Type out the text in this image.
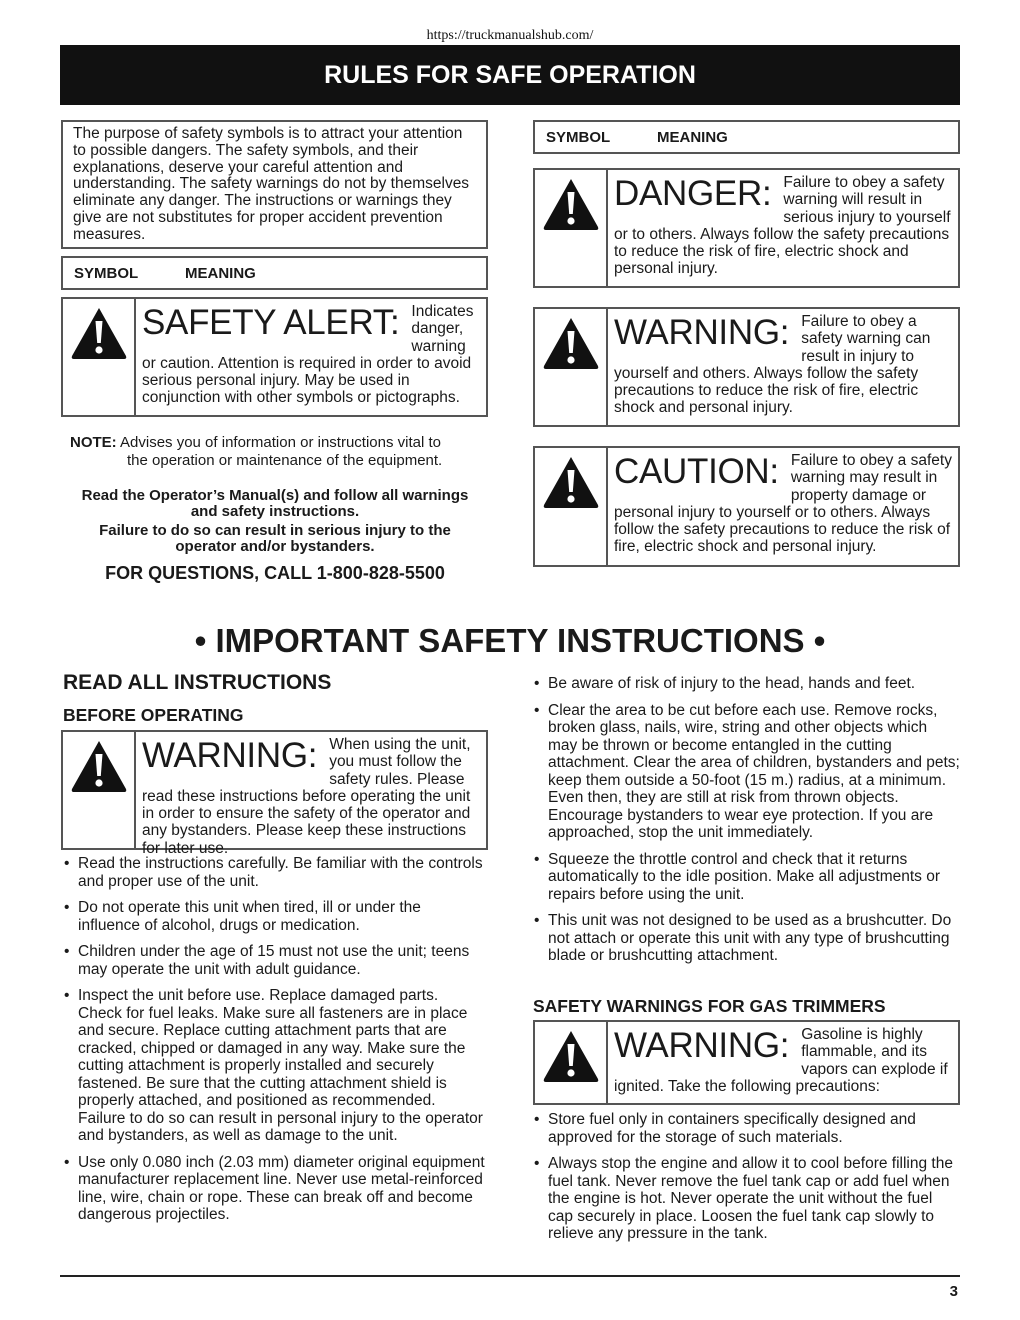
https://truckmanualshub.com/
RULES FOR SAFE OPERATION
The purpose of safety symbols is to attract your attention to possible dangers. The safety symbols, and their explanations, deserve your careful attention and understanding. The safety warnings do not by themselves eliminate any danger. The instructions or warnings they give are not substitutes for proper accident prevention measures.
SYMBOL	MEANING
SAFETY ALERT: Indicates danger, warning or caution. Attention is required in order to avoid serious personal injury. May be used in conjunction with other symbols or pictographs.
NOTE: Advises you of information or instructions vital to
the operation or maintenance of the equipment.
Read the Operator’s Manual(s) and follow all warnings and safety instructions.
Failure to do so can result in serious injury to the operator and/or bystanders.
FOR QUESTIONS, CALL 1-800-828-5500
SYMBOL	MEANING
DANGER: Failure to obey a safety warning will result in serious injury to yourself or to others. Always follow the safety precautions to reduce the risk of fire, electric shock and personal injury.
WARNING: Failure to obey a safety warning can result in injury to yourself and others. Always follow the safety precautions to reduce the risk of fire, electric shock and personal injury.
CAUTION: Failure to obey a safety warning may result in property damage or personal injury to yourself or to others. Always follow the safety precautions to reduce the risk of fire, electric shock and personal injury.
• IMPORTANT SAFETY INSTRUCTIONS •
READ ALL INSTRUCTIONS
BEFORE OPERATING
WARNING: When using the unit, you must follow the safety rules. Please read these instructions before operating the unit in order to ensure the safety of the operator and any bystanders. Please keep these instructions for later use.
• Read the instructions carefully. Be familiar with the controls and proper use of the unit.
• Do not operate this unit when tired, ill or under the influence of alcohol, drugs or medication.
• Children under the age of 15 must not use the unit; teens may operate the unit with adult guidance.
• Inspect the unit before use. Replace damaged parts. Check for fuel leaks. Make sure all fasteners are in place and secure. Replace cutting attachment parts that are cracked, chipped or damaged in any way. Make sure the cutting attachment is properly installed and securely fastened. Be sure that the cutting attachment shield is properly attached, and positioned as recommended. Failure to do so can result in personal injury to the operator and bystanders, as well as damage to the unit.
• Use only 0.080 inch (2.03 mm) diameter original equipment manufacturer replacement line. Never use metal-reinforced line, wire, chain or rope. These can break off and become dangerous projectiles.
• Be aware of risk of injury to the head, hands and feet.
• Clear the area to be cut before each use. Remove rocks, broken glass, nails, wire, string and other objects which may be thrown or become entangled in the cutting attachment. Clear the area of children, bystanders and pets; keep them outside a 50-foot (15 m.) radius, at a minimum. Even then, they are still at risk from thrown objects. Encourage bystanders to wear eye protection. If you are approached, stop the unit immediately.
• Squeeze the throttle control and check that it returns automatically to the idle position. Make all adjustments or repairs before using the unit.
• This unit was not designed to be used as a brushcutter. Do not attach or operate this unit with any type of brushcutting blade or brushcutting attachment.
SAFETY WARNINGS FOR GAS TRIMMERS
WARNING: Gasoline is highly flammable, and its vapors can explode if ignited. Take the following precautions:
• Store fuel only in containers specifically designed and approved for the storage of such materials.
• Always stop the engine and allow it to cool before filling the fuel tank. Never remove the fuel tank cap or add fuel when the engine is hot. Never operate the unit without the fuel cap securely in place. Loosen the fuel tank cap slowly to relieve any pressure in the tank.
3
